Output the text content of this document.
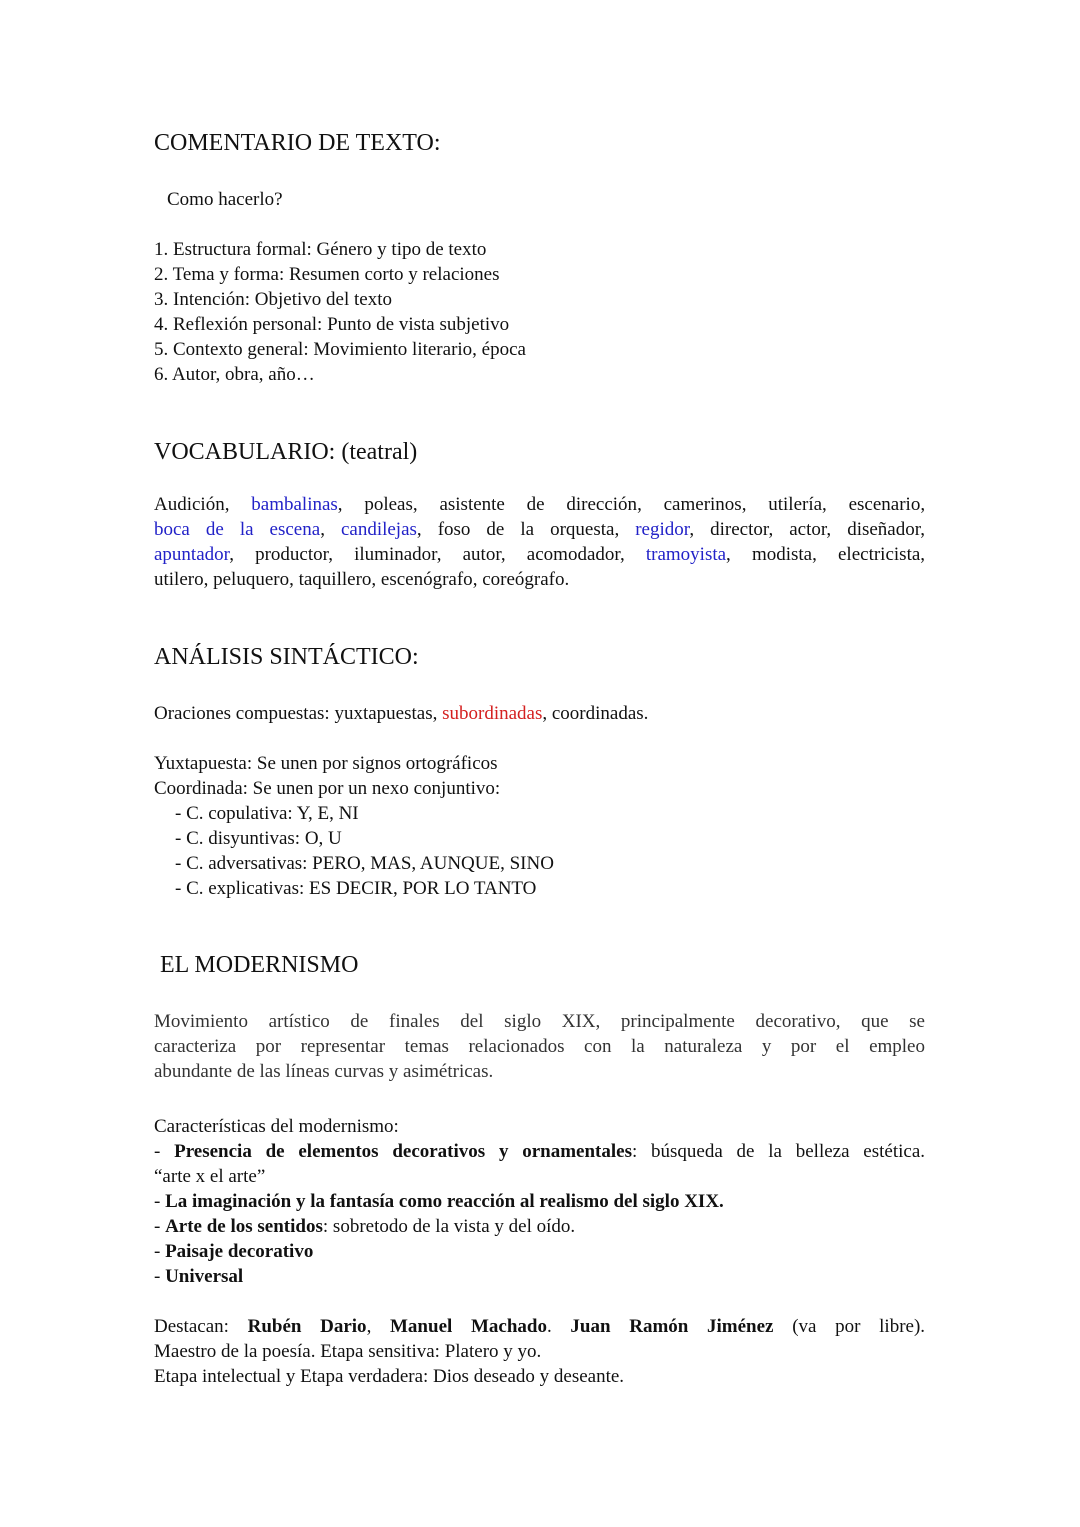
COMENTARIO DE TEXTO:
Como hacerlo?
1. Estructura formal: Género y tipo de texto
2. Tema y forma: Resumen corto y relaciones
3. Intención: Objetivo del texto
4. Reflexión personal: Punto de vista subjetivo
5. Contexto general: Movimiento literario, época
6. Autor, obra, año…
VOCABULARIO: (teatral)
Audición, bambalinas, poleas, asistente de dirección, camerinos, utilería, escenario,
boca de la escena, candilejas, foso de la orquesta, regidor, director, actor, diseñador,
apuntador, productor, iluminador, autor, acomodador, tramoyista, modista, electricista,
utilero, peluquero, taquillero, escenógrafo, coreógrafo.
ANÁLISIS SINTÁCTICO:
Oraciones compuestas: yuxtapuestas, subordinadas, coordinadas.
Yuxtapuesta: Se unen por signos ortográficos
Coordinada: Se unen por un nexo conjuntivo:
- C. copulativa: Y, E, NI
- C. disyuntivas: O, U
- C. adversativas: PERO, MAS, AUNQUE, SINO
- C. explicativas: ES DECIR, POR LO TANTO
EL MODERNISMO
Movimiento artístico de finales del siglo XIX, principalmente decorativo, que se
caracteriza por representar temas relacionados con la naturaleza y por el empleo
abundante de las líneas curvas y asimétricas.
Características del modernismo:
- Presencia de elementos decorativos y ornamentales: búsqueda de la belleza estética.
“arte x el arte”
- La imaginación y la fantasía como reacción al realismo del siglo XIX.
- Arte de los sentidos: sobretodo de la vista y del oído.
- Paisaje decorativo
- Universal
Destacan: Rubén Dario, Manuel Machado. Juan Ramón Jiménez (va por libre).
Maestro de la poesía. Etapa sensitiva: Platero y yo.
Etapa intelectual y Etapa verdadera: Dios deseado y deseante.
